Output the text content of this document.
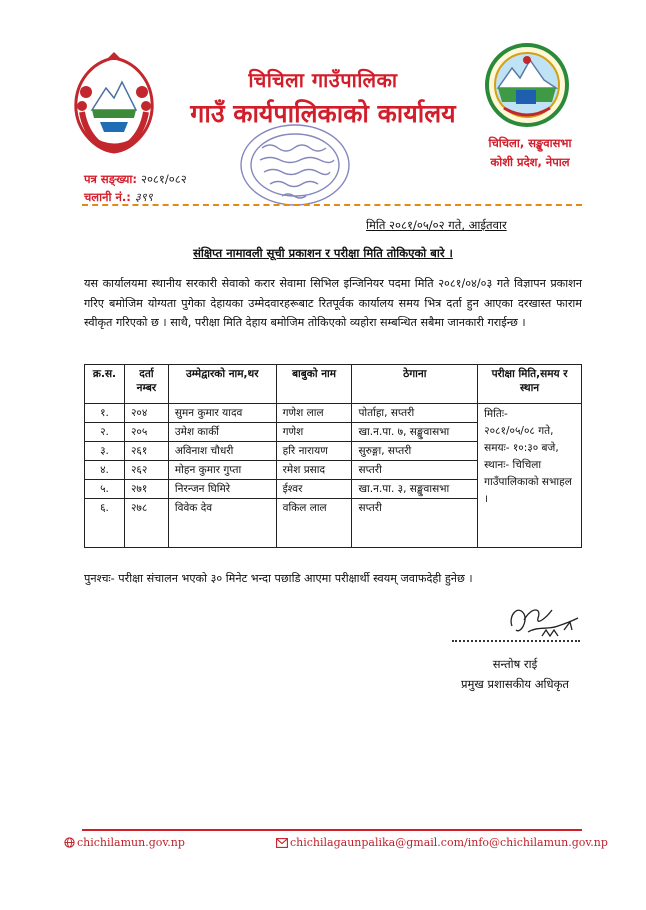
चिचिला गाउँपालिका
गाउँ कार्यपालिकाको कार्यालय
चिचिला, सङ्खुवासभा
कोशी प्रदेश, नेपाल
पत्र सङ्ख्या: २०८१/०८२
चलानी नं.: ३९९
मिति २०८१/०५/०२ गते, आईतवार
संक्षिप्त नामावली सूची प्रकाशन र परीक्षा मिति तोकिएको बारे ।
यस कार्यालयमा स्थानीय सरकारी सेवाको करार सेवामा सिभिल इन्जिनियर पदमा मिति २०८१/०४/०३ गते विज्ञापन प्रकाशन गरिए बमोजिम योग्यता पुगेका देहायका उम्मेदवारहरूबाट रितपूर्वक कार्यालय समय भित्र दर्ता हुन आएका दरखास्त फाराम स्वीकृत गरिएको छ । साथै, परीक्षा मिति देहाय बमोजिम तोकिएको व्यहोरा सम्बन्धित सबैमा जानकारी गराईन्छ ।
क्र.स.	दर्ता नम्बर	उम्मेद्वारको नाम,थर	बाबुको नाम	ठेगाना	परीक्षा मिति,समय र स्थान
१.	२०४	सुमन कुमार यादव	गणेश लाल	पोर्ताहा, सप्तरी	मितिः-
२०८१/०५/०८ गते,
समयः- १०:३० बजे,
स्थानः- चिचिला गाउँपालिकाको सभाहल ।

२.	२०५	उमेश कार्की	गणेश	खा.न.पा. ७, सङ्खुवासभा	
३.	२६१	अविनाश चौधरी	हरि नारायण	सुरुङ्गा, सप्तरी	
४.	२६२	मोहन कुमार गुप्ता	रमेश प्रसाद	सप्तरी	
५.	२७१	निरन्जन घिमिरे	ईश्वर	खा.न.पा. ३, सङ्खुवासभा	
६.	२७८	विवेक देव	वकिल लाल	सप्तरी	
पुनश्चः- परीक्षा संचालन भएको ३० मिनेट भन्दा पछाडि आएमा परीक्षार्थी स्वयम् जवाफदेही हुनेछ ।
सन्तोष राई
प्रमुख प्रशासकीय अधिकृत
chichilamun.gov.np	chichilagaunpalika@gmail.com/info@chichilamun.gov.np
